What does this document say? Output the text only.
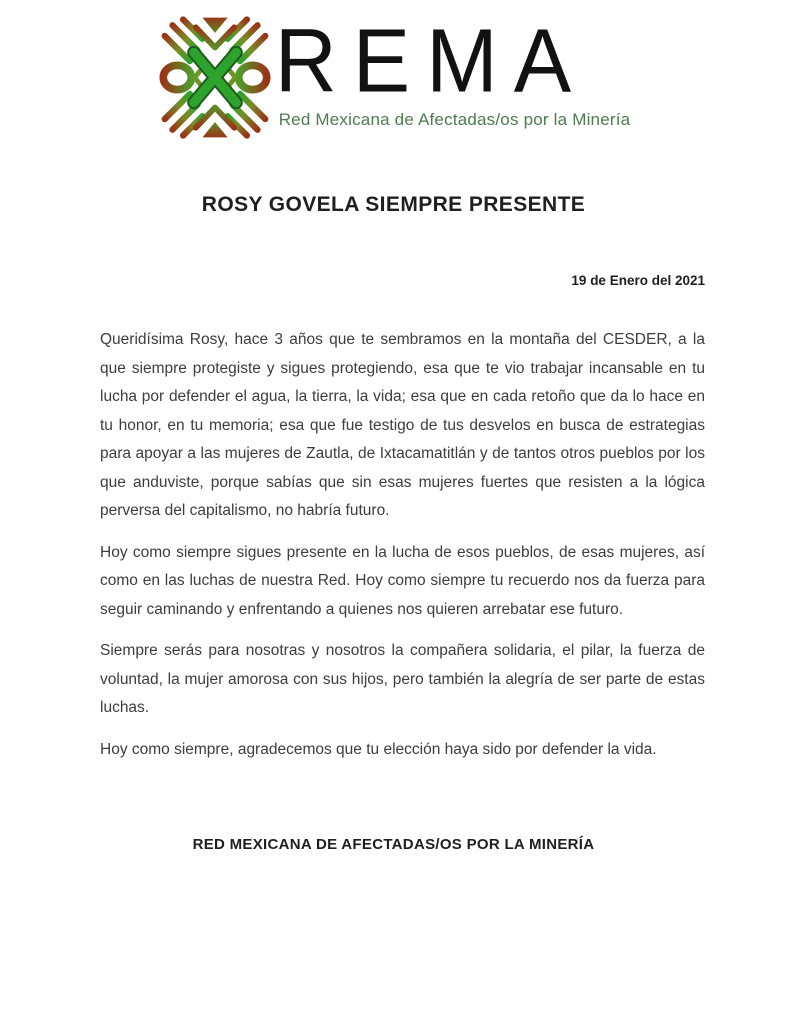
REMA
Red Mexicana de Afectadas/os por la Minería
ROSY GOVELA SIEMPRE PRESENTE
19 de Enero del 2021

Queridísima Rosy, hace 3 años que te sembramos en la montaña del CESDER, a la que siempre protegiste y sigues protegiendo, esa que te vio trabajar incansable en tu lucha por defender el agua, la tierra, la vida; esa que en cada retoño que da lo hace en tu honor, en tu memoria; esa que fue testigo de tus desvelos en busca de estrategias para apoyar a las mujeres de Zautla, de Ixtacamatitlán y de tantos otros pueblos por los que anduviste, porque sabías que sin esas mujeres fuertes que resisten a la lógica perversa del capitalismo, no habría futuro.

Hoy como siempre sigues presente en la lucha de esos pueblos, de esas mujeres, así como en las luchas de nuestra Red. Hoy como siempre tu recuerdo nos da fuerza para seguir caminando y enfrentando a quienes nos quieren arrebatar ese futuro.

Siempre serás para nosotras y nosotros la compañera solidaria, el pilar, la fuerza de voluntad, la mujer amorosa con sus hijos, pero también la alegría de ser parte de estas luchas.

Hoy como siempre, agradecemos que tu elección haya sido por defender la vida.

RED MEXICANA DE AFECTADAS/OS POR LA MINERÍA
